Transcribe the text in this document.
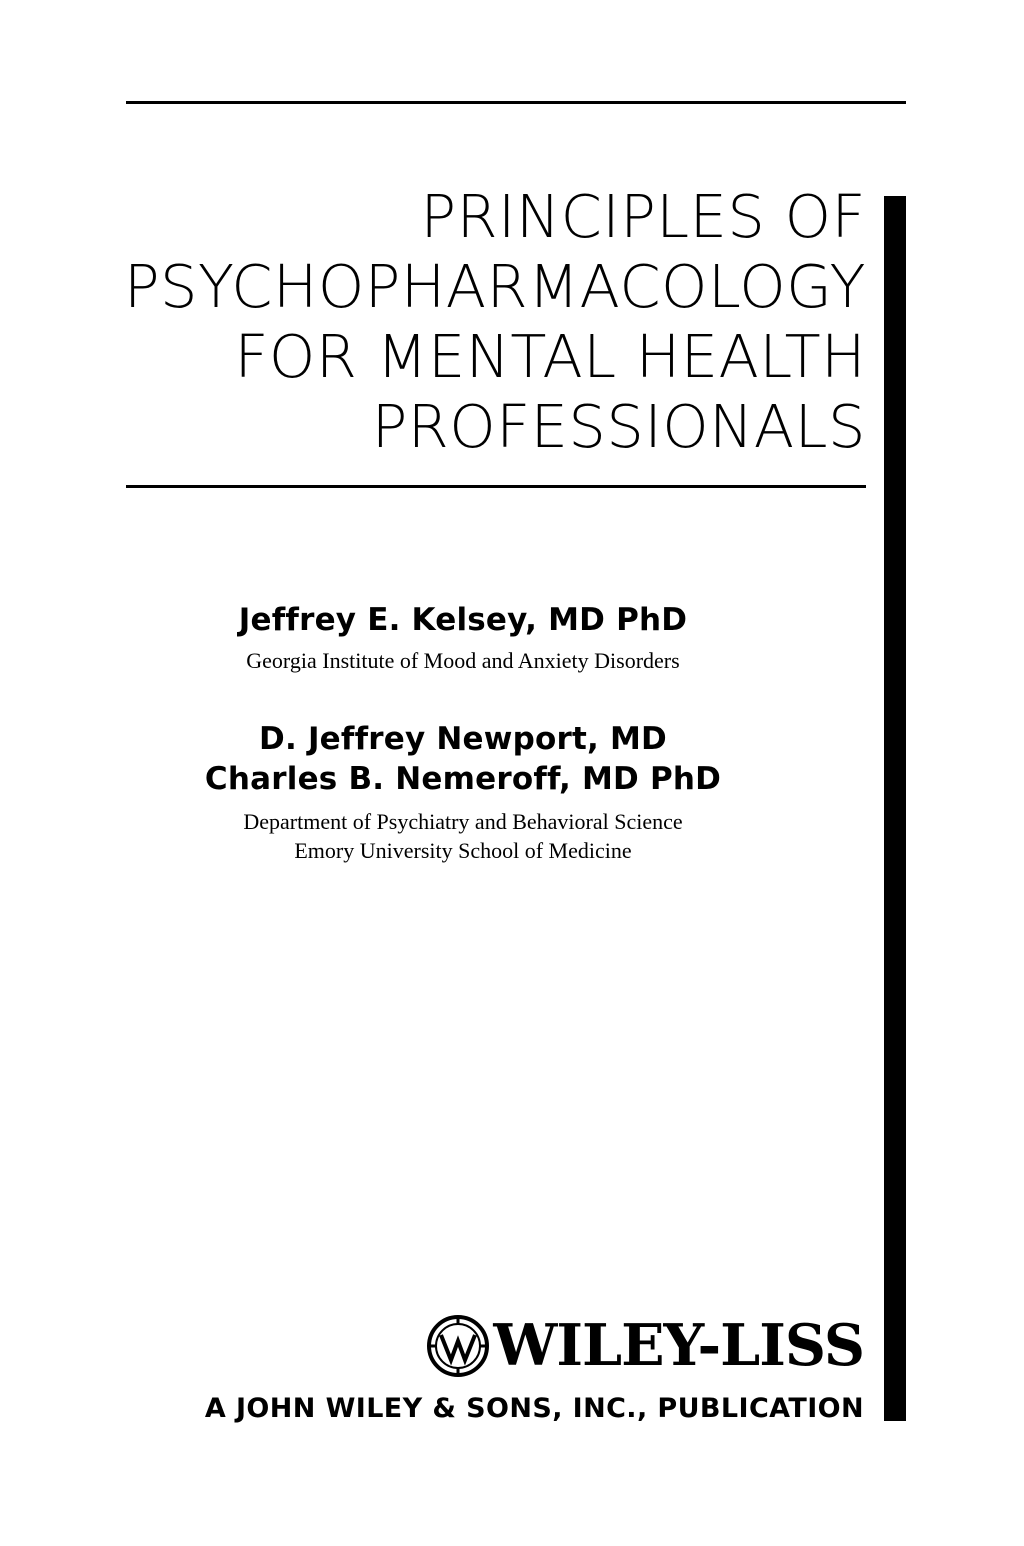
PRINCIPLES OF
PSYCHOPHARMACOLOGY
FOR MENTAL HEALTH
PROFESSIONALS
Jeffrey E. Kelsey, MD PhD
Georgia Institute of Mood and Anxiety Disorders
D. Jeffrey Newport, MD
Charles B. Nemeroff, MD PhD
Department of Psychiatry and Behavioral Science
Emory University School of Medicine
WILEY-LISS
A JOHN WILEY & SONS, INC., PUBLICATION
